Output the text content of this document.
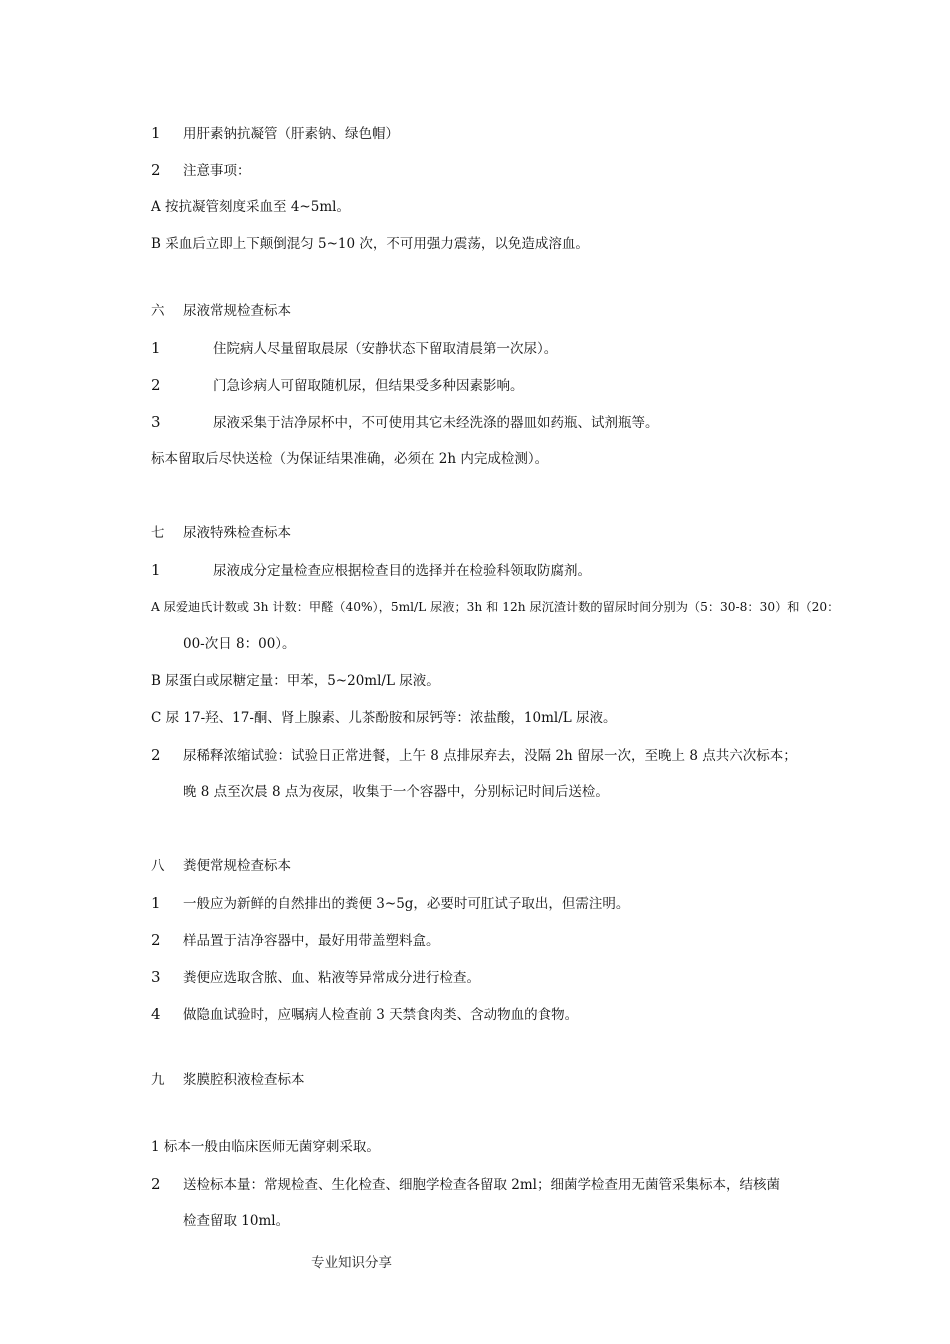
1 用肝素钠抗凝管（肝素钠、绿色帽）
2 注意事项：
A 按抗凝管刻度采血至 4~5ml。
B 采血后立即上下颠倒混匀 5~10 次，不可用强力震荡，以免造成溶血。
六 尿液常规检查标本
1	住院病人尽量留取晨尿（安静状态下留取清晨第一次尿）。
2	门急诊病人可留取随机尿，但结果受多种因素影响。
3	尿液采集于洁净尿杯中，不可使用其它未经洗涤的器皿如药瓶、试剂瓶等。
标本留取后尽快送检（为保证结果准确，必须在 2h 内完成检测）。
七 尿液特殊检查标本
1	尿液成分定量检查应根据检查目的选择并在检验科领取防腐剂。
A 尿爱迪氏计数或 3h 计数：甲醛（40%），5ml/L 尿液；3h 和 12h 尿沉渣计数的留尿时间分别为（5：30-8：30）和（20：
00-次日 8：00）。
B 尿蛋白或尿糖定量：甲苯，5~20ml/L 尿液。
C 尿 17-羟、17-酮、肾上腺素、儿茶酚胺和尿钙等：浓盐酸，10ml/L 尿液。
2 尿稀释浓缩试验：试验日正常进餐，上午 8 点排尿弃去，没隔 2h 留尿一次，至晚上 8 点共六次标本；
晚 8 点至次晨 8 点为夜尿，收集于一个容器中，分别标记时间后送检。
八 粪便常规检查标本
1 一般应为新鲜的自然排出的粪便 3~5g，必要时可肛试子取出，但需注明。
2 样品置于洁净容器中，最好用带盖塑料盒。
3 粪便应选取含脓、血、粘液等异常成分进行检查。
4 做隐血试验时，应嘱病人检查前 3 天禁食肉类、含动物血的食物。
九 浆膜腔积液检查标本
1 标本一般由临床医师无菌穿刺采取。
2 送检标本量：常规检查、生化检查、细胞学检查各留取 2ml；细菌学检查用无菌管采集标本，结核菌
检查留取 10ml。
专业知识分享
